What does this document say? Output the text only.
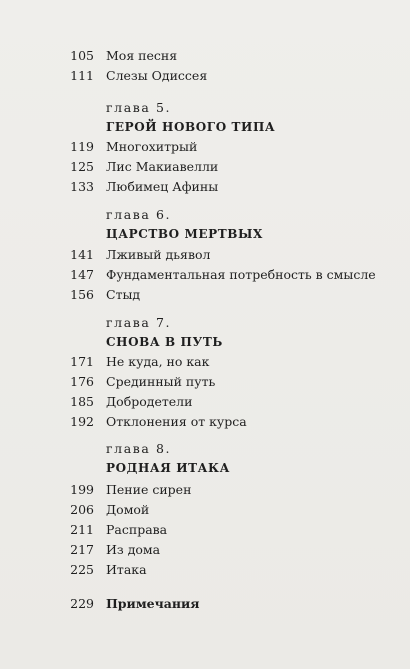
105 Моя песня
111 Слезы Одиссея
глава 5.
ГЕРОЙ НОВОГО ТИПА
119 Многохитрый
125 Лис Макиавелли
133 Любимец Афины
глава 6.
ЦАРСТВО МЕРТВЫХ
141 Лживый дьявол
147 Фундаментальная потребность в смысле
156 Стыд
глава 7.
СНОВА В ПУТЬ
171 Не куда, но как
176 Срединный путь
185 Добродетели
192 Отклонения от курса
глава 8.
РОДНАЯ ИТАКА
199 Пение сирен
206 Домой
211 Расправа
217 Из дома
225 Итака
229 Примечания
